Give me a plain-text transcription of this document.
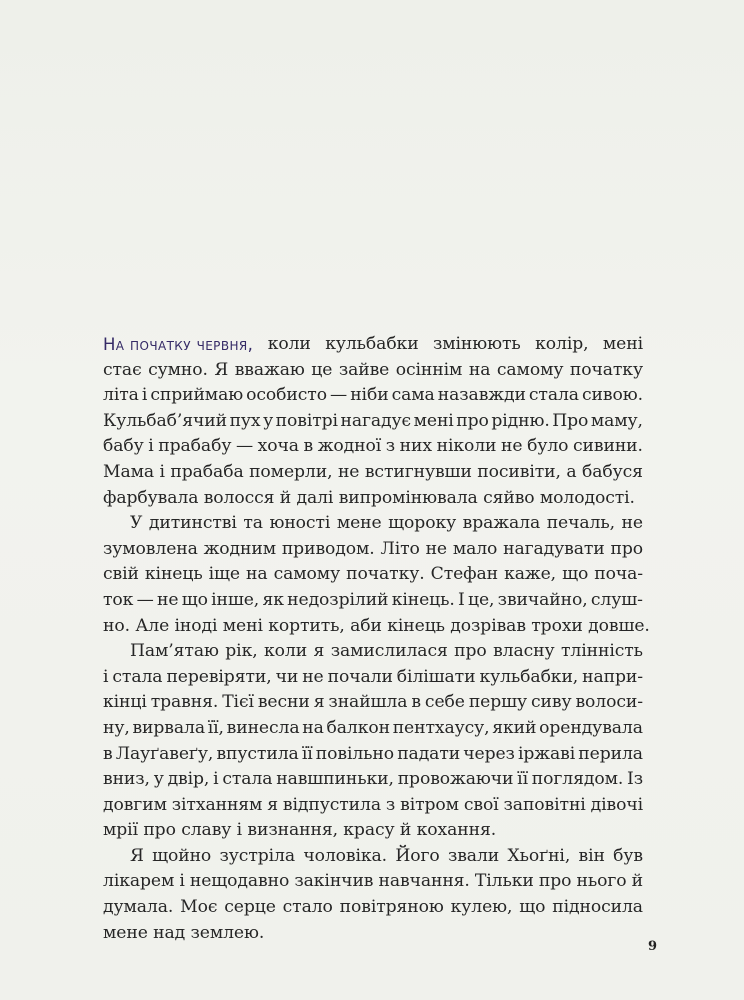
На початку червня, коли кульбабки змінюють колір, мені
стає сумно. Я вважаю це зайве осіннім на самому початку
літа і сприймаю особисто — ніби сама назавжди стала сивою.
Кульбаб’ячий пух у повітрі нагадує мені про рідню. Про маму,
бабу і прабабу — хоча в жодної з них ніколи не було сивини.
Мама і прабаба померли, не встигнувши посивіти, а бабуся
фарбувала волосся й далі випромінювала сяйво молодості.
У дитинстві та юності мене щороку вражала печаль, не
зумовлена жодним приводом. Літо не мало нагадувати про
свій кінець іще на самому початку. Стефан каже, що поча-
ток — не що інше, як недозрілий кінець. І це, звичайно, слуш-
но. Але іноді мені кортить, аби кінець дозрівав трохи довше.
Пам’ятаю рік, коли я замислилася про власну тлінність
і стала перевіряти, чи не почали білішати кульбабки, напри-
кінці травня. Тієї весни я знайшла в себе першу сиву волоси-
ну, вирвала її, винесла на балкон пентхаусу, який орендувала
в Лауґавеґу, впустила її повільно падати через іржаві перила
вниз, у двір, і стала навшпиньки, провожаючи її поглядом. Із
довгим зітханням я відпустила з вітром свої заповітні дівочі
мрії про славу і визнання, красу й кохання.
Я щойно зустріла чоловіка. Його звали Хьоґні, він був
лікарем і нещодавно закінчив навчання. Тільки про нього й
думала. Моє серце стало повітряною кулею, що підносила
мене над землею.
9
